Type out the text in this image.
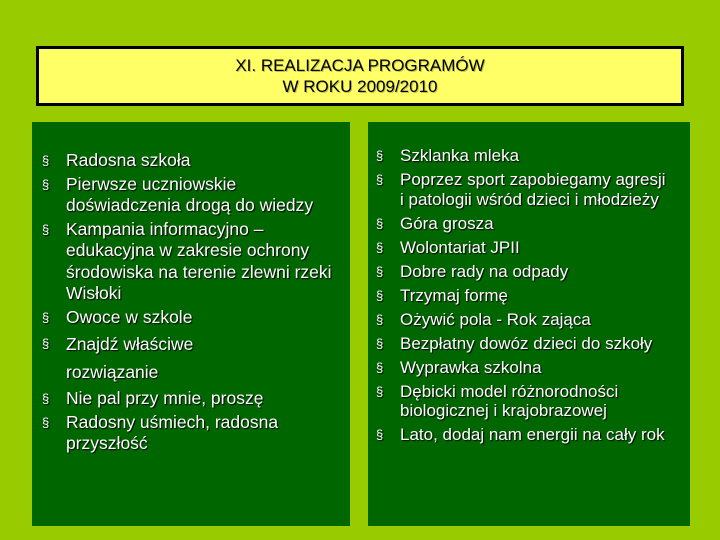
XI. REALIZACJA PROGRAMÓW
W ROKU 2009/2010
§ Radosna szkoła
§ Pierwsze uczniowskie doświadczenia drogą do wiedzy
§ Kampania informacyjno – edukacyjna w zakresie ochrony środowiska na terenie zlewni rzeki Wisłoki
§ Owoce w szkole
§ Znajdź właściwe rozwiązanie
§ Nie pal przy mnie, proszę
§ Radosny uśmiech, radosna przyszłość
§ Szklanka mleka
§ Poprzez sport zapobiegamy agresji i patologii wśród dzieci i młodzieży
§ Góra grosza
§ Wolontariat JPII
§ Dobre rady na odpady
§ Trzymaj formę
§ Ożywić pola - Rok zająca
§ Bezpłatny dowóz dzieci do szkoły
§ Wyprawka szkolna
§ Dębicki model różnorodności biologicznej i krajobrazowej
§ Lato, dodaj nam energii na cały rok
